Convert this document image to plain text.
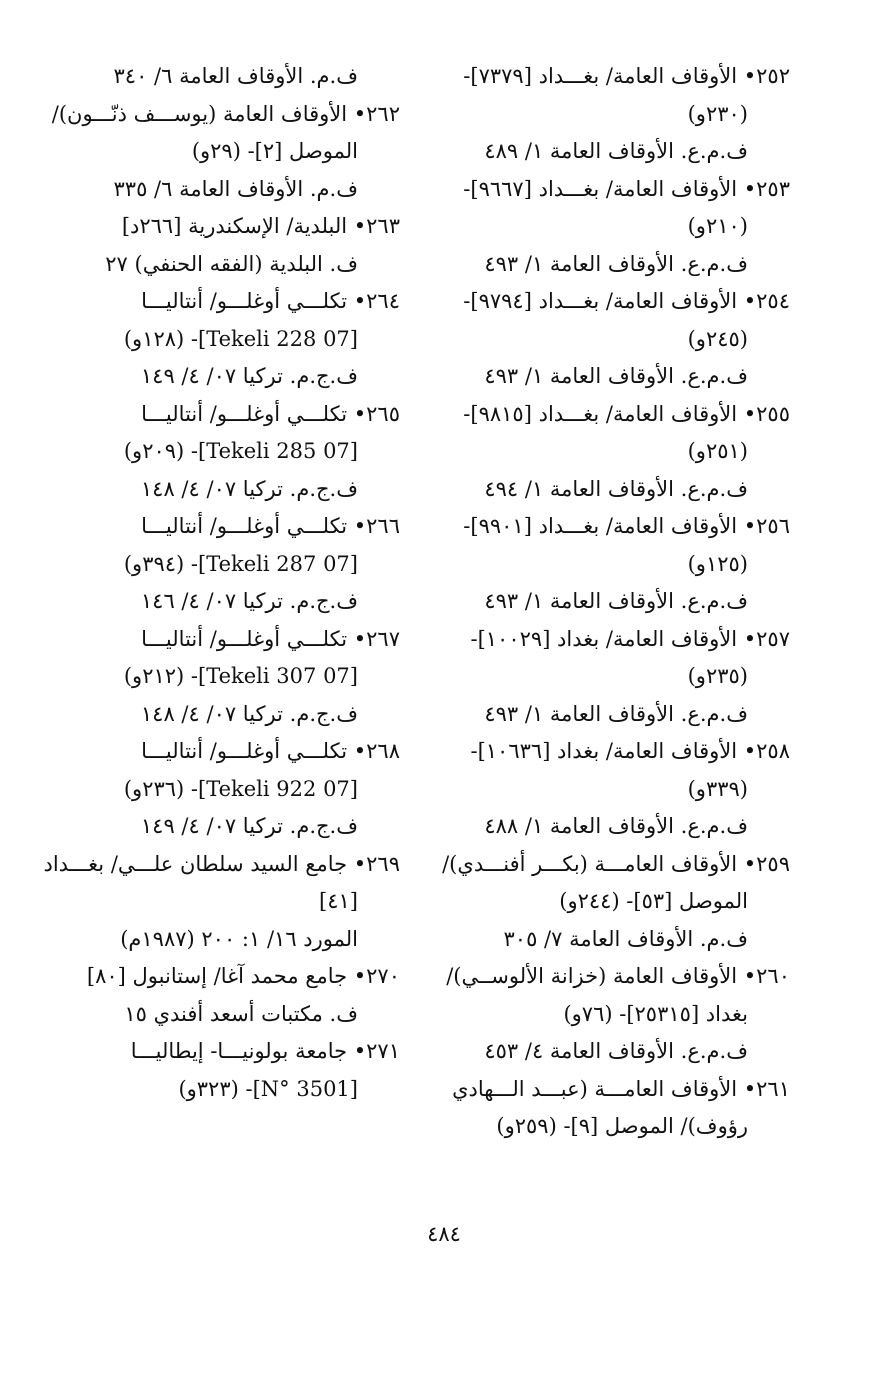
٢٥٢• الأوقاف العامة/ بغـــداد [٧٣٧٩]-
(٢٣٠و)
ف.م.ع. الأوقاف العامة ١/ ٤٨٩
٢٥٣• الأوقاف العامة/ بغـــداد [٩٦٦٧]-
(٢١٠و)
ف.م.ع. الأوقاف العامة ١/ ٤٩٣
٢٥٤• الأوقاف العامة/ بغـــداد [٩٧٩٤]-
(٢٤٥و)
ف.م.ع. الأوقاف العامة ١/ ٤٩٣
٢٥٥• الأوقاف العامة/ بغـــداد [٩٨١٥]-
(٢٥١و)
ف.م.ع. الأوقاف العامة ١/ ٤٩٤
٢٥٦• الأوقاف العامة/ بغـــداد [٩٩٠١]-
(١٢٥و)
ف.م.ع. الأوقاف العامة ١/ ٤٩٣
٢٥٧• الأوقاف العامة/ بغداد [١٠٠٢٩]-
(٢٣٥و)
ف.م.ع. الأوقاف العامة ١/ ٤٩٣
٢٥٨• الأوقاف العامة/ بغداد [١٠٦٣٦]-
(٣٣٩و)
ف.م.ع. الأوقاف العامة ١/ ٤٨٨
٢٥٩• الأوقاف العامـــة (بكـــر أفنـــدي)/
الموصل [٥٣]- (٢٤٤و)
ف.م. الأوقاف العامة ٧/ ٣٠٥
٢٦٠• الأوقاف العامة (خزانة الألوســي)/
بغداد [٢٥٣١٥]- (٧٦و)
ف.م.ع. الأوقاف العامة ٤/ ٤٥٣
٢٦١• الأوقاف العامـــة (عبـــد الـــهادي
رؤوف)/ الموصل [٩]- (٢٥٩و)
ف.م. الأوقاف العامة ٦/ ٣٤٠
٢٦٢• الأوقاف العامة (يوســـف ذنّـــون)/
الموصل [٢]- (٢٩و)
ف.م. الأوقاف العامة ٦/ ٣٣٥
٢٦٣• البلدية/ الإسكندرية [٢٦٦د]
ف. البلدية (الفقه الحنفي) ٢٧
٢٦٤• تكلـــي أوغلـــو/ أنتاليـــا
[07 Tekeli 228]- (١٢٨و)
ف.ج.م. تركيا ٠٧/ ٤/ ١٤٩
٢٦٥• تكلـــي أوغلـــو/ أنتاليـــا
[07 Tekeli 285]- (٢٠٩و)
ف.ج.م. تركيا ٠٧/ ٤/ ١٤٨
٢٦٦• تكلـــي أوغلـــو/ أنتاليـــا
[07 Tekeli 287]- (٣٩٤و)
ف.ج.م. تركيا ٠٧/ ٤/ ١٤٦
٢٦٧• تكلـــي أوغلـــو/ أنتاليـــا
[07 Tekeli 307]- (٢١٢و)
ف.ج.م. تركيا ٠٧/ ٤/ ١٤٨
٢٦٨• تكلـــي أوغلـــو/ أنتاليـــا
[07 Tekeli 922]- (٢٣٦و)
ف.ج.م. تركيا ٠٧/ ٤/ ١٤٩
٢٦٩• جامع السيد سلطان علـــي/ بغـــداد
[٤١]
المورد ١٦/ ١: ٢٠٠ (١٩٨٧م)
٢٧٠• جامع محمد آغا/ إستانبول [٨٠]
ف. مكتبات أسعد أفندي ١٥
٢٧١• جامعة بولونيـــا- إيطاليـــا
[N° 3501]- (٣٢٣و)
٤٨٤
